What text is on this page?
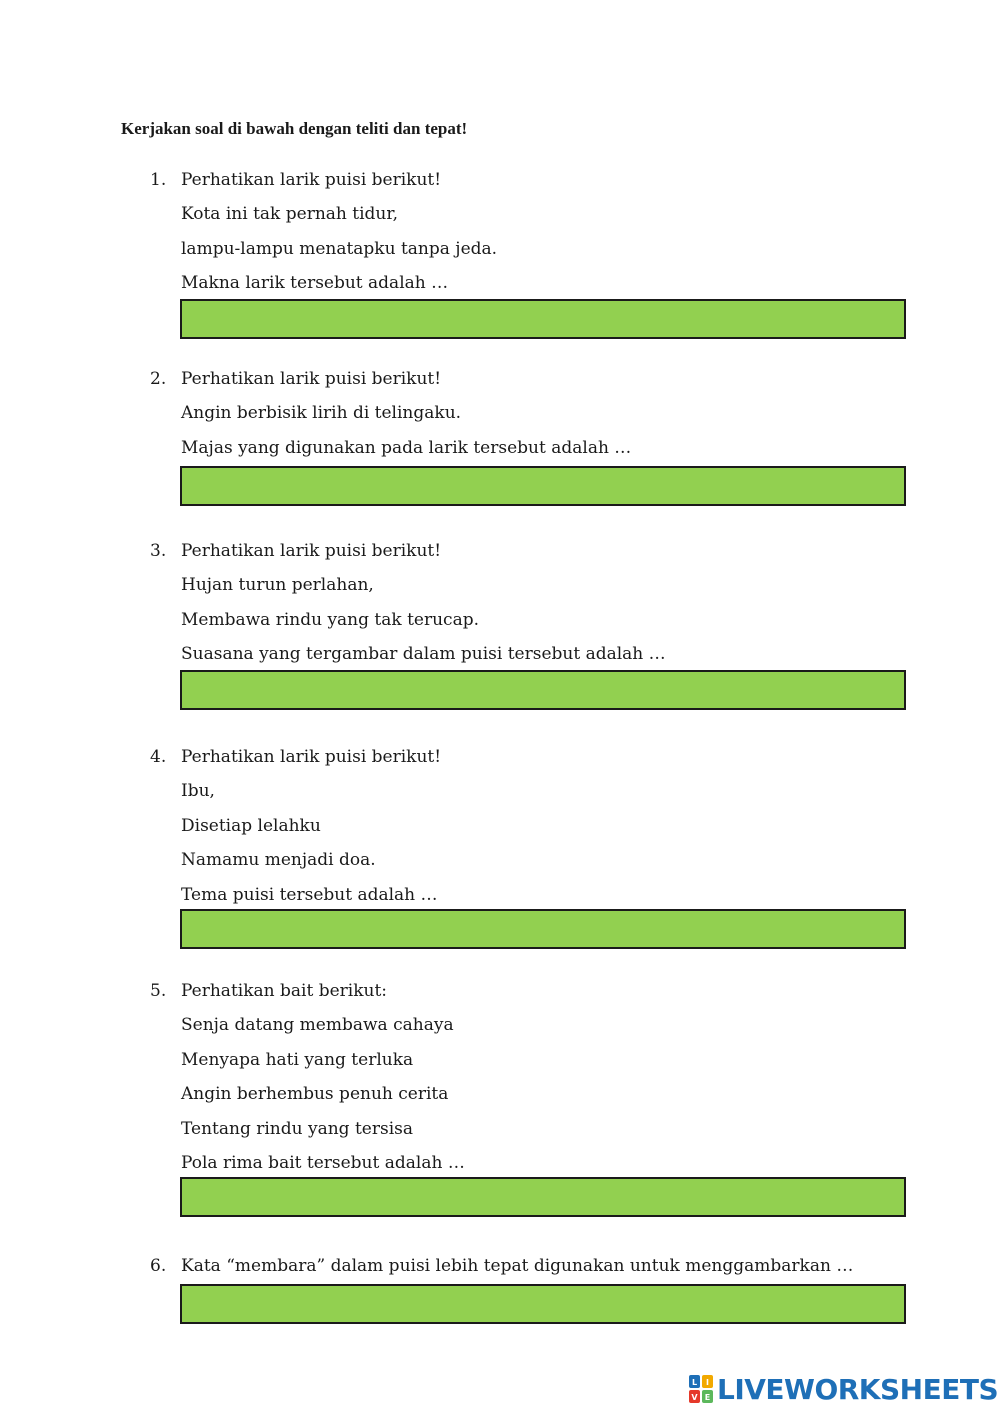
Kerjakan soal di bawah dengan teliti dan tepat!
1. Perhatikan larik puisi berikut!
Kota ini tak pernah tidur,
lampu-lampu menatapku tanpa jeda.
Makna larik tersebut adalah …
2. Perhatikan larik puisi berikut!
Angin berbisik lirih di telingaku.
Majas yang digunakan pada larik tersebut adalah …
3. Perhatikan larik puisi berikut!
Hujan turun perlahan,
Membawa rindu yang tak terucap.
Suasana yang tergambar dalam puisi tersebut adalah …
4. Perhatikan larik puisi berikut!
Ibu,
Disetiap lelahku
Namamu menjadi doa.
Tema puisi tersebut adalah …
5. Perhatikan bait berikut:
Senja datang membawa cahaya
Menyapa hati yang terluka
Angin berhembus penuh cerita
Tentang rindu yang tersisa
Pola rima bait tersebut adalah …
6. Kata “membara” dalam puisi lebih tepat digunakan untuk menggambarkan …
L I
V E LIVEWORKSHEETS
